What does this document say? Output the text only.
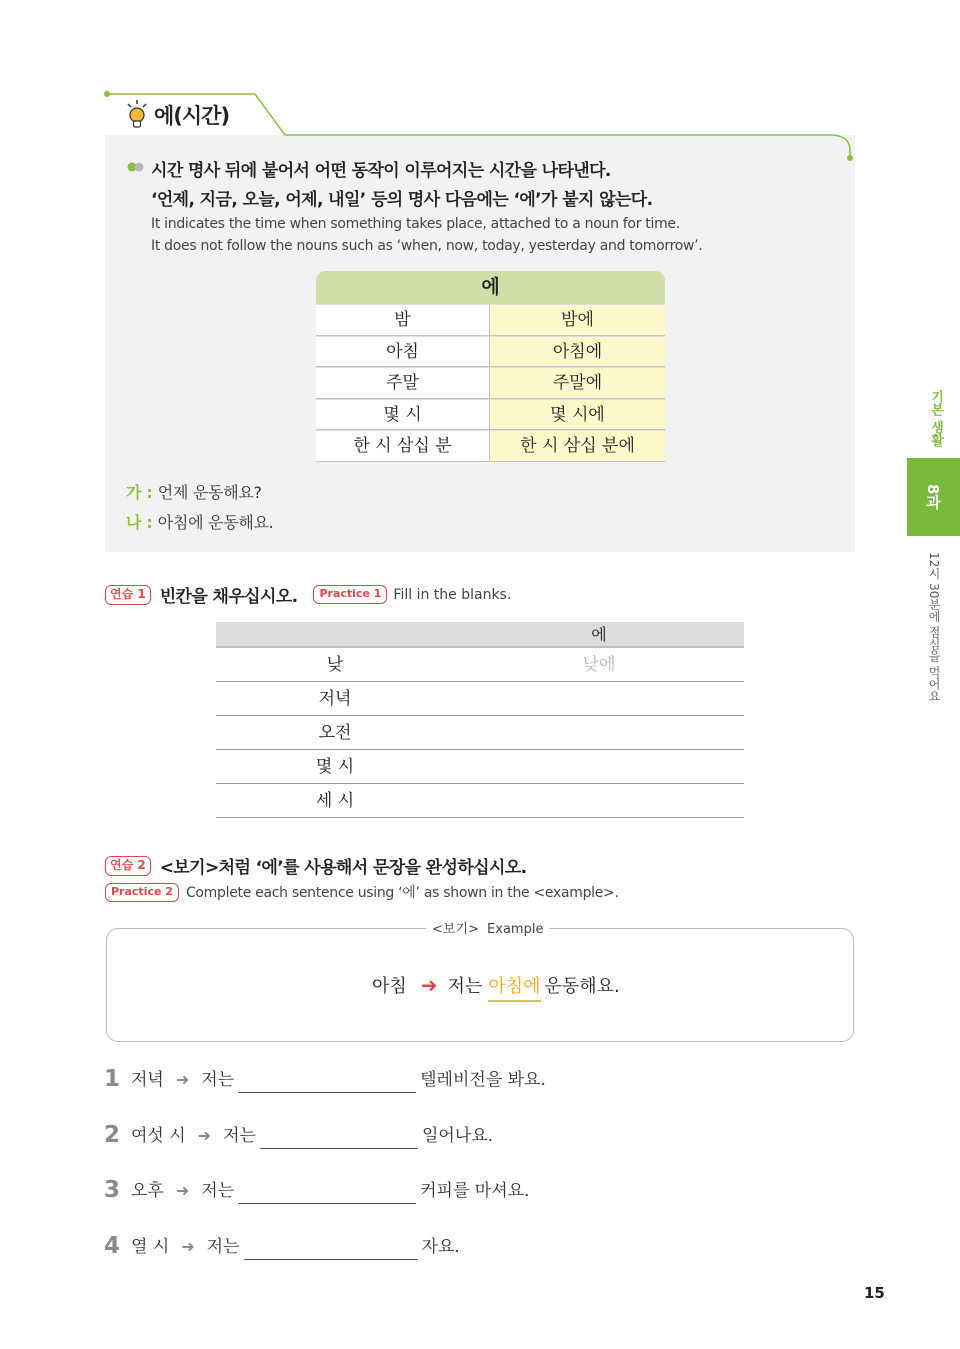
에(시간)
시간 명사 뒤에 붙어서 어떤 동작이 이루어지는 시간을 나타낸다.
‘언제, 지금, 오늘, 어제, 내일’ 등의 명사 다음에는 ‘에’가 붙지 않는다.
It indicates the time when something takes place, attached to a noun for time.
It does not follow the nouns such as ‘when, now, today, yesterday and tomorrow’.
에
밤	밤에
아침	아침에
주말	주말에
몇 시	몇 시에
한 시 삼십 분	한 시 삼십 분에
가 : 언제 운동해요?
나 : 아침에 운동해요.
연습 1 빈칸을 채우십시오.	Practice 1 Fill in the blanks.
에
낮	낮에
저녁
오전
몇 시
세 시
연습 2 <보기>처럼 ‘에’를 사용해서 문장을 완성하십시오.
Practice 2 Complete each sentence using ‘에’ as shown in the <example>.
<보기> Example
아침 ➜ 저는 아침에 운동해요.
1 저녁 ➜ 저는	텔레비전을 봐요.
2 여섯 시 ➜ 저는	일어나요.
3 오후 ➜ 저는	커피를 마셔요.
4 열 시 ➜ 저는	자요.
기본 생활
8과
12시 30분에 점심을 먹어요
15
